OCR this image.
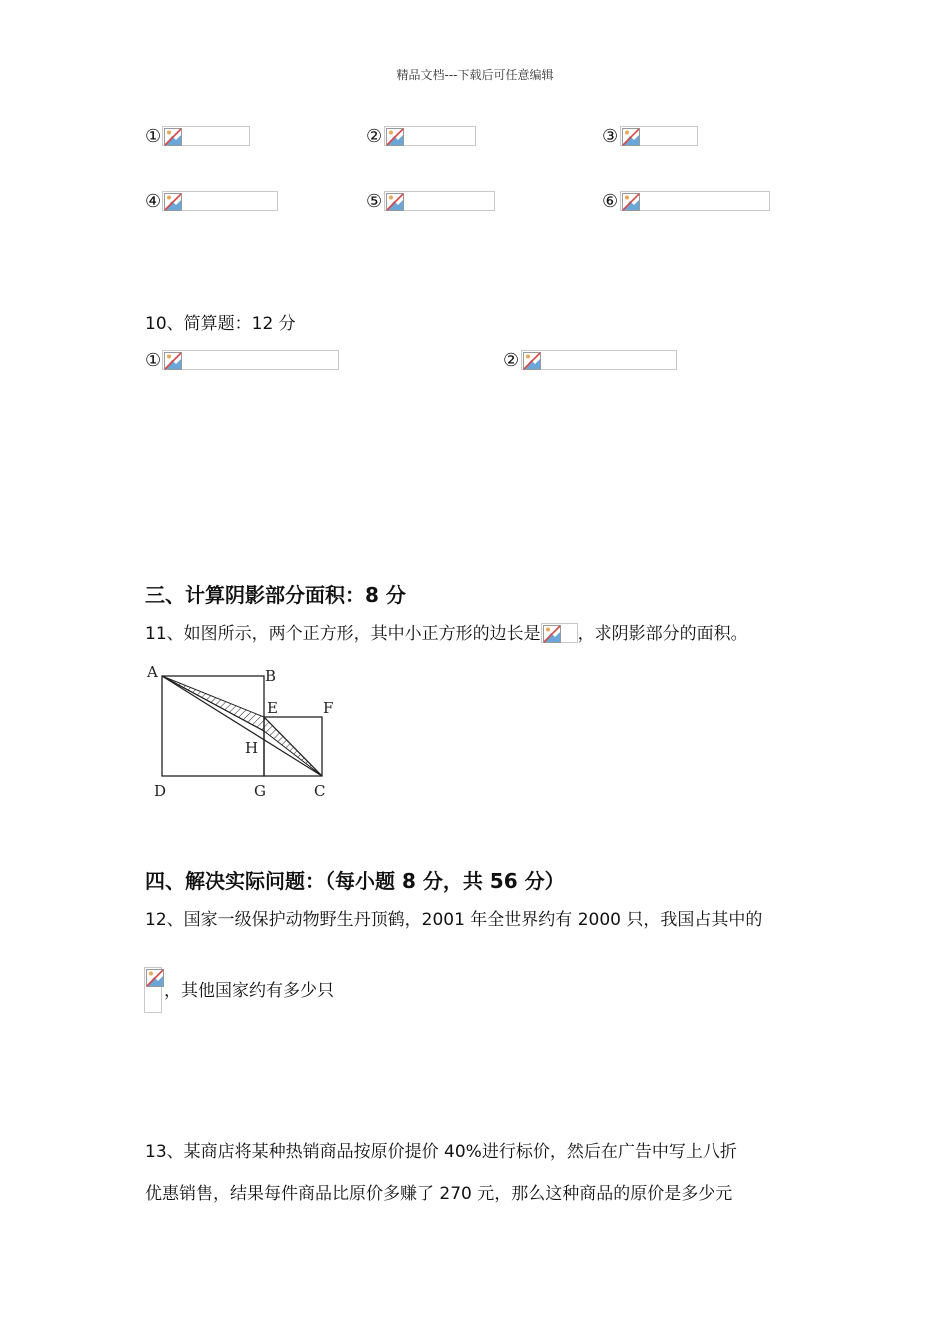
精品文档---下载后可任意编辑
①	②	③
④	⑤	⑥
10、简算题：12 分
①	②
三、计算阴影部分面积：8 分
11、如图所示，两个正方形，其中小正方形的边长是 ，求阴影部分的面积。
A	B
E	F
H
D	G	C
四、解决实际问题：（每小题 8 分，共 56 分）
12、国家一级保护动物野生丹顶鹤，2001 年全世界约有 2000 只，我国占其中的
，其他国家约有多少只
13、某商店将某种热销商品按原价提价 40%进行标价，然后在广告中写上八折
优惠销售，结果每件商品比原价多赚了 270 元，那么这种商品的原价是多少元
